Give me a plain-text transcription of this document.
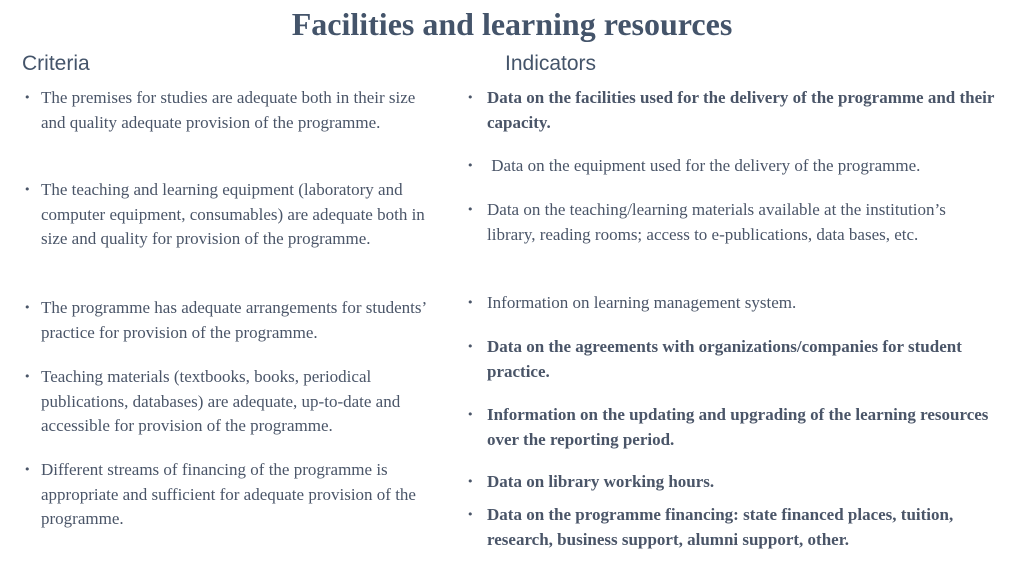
Facilities and learning resources
Criteria	Indicators
• The premises for studies are adequate both in their size and quality adequate provision of the programme.
• The teaching and learning equipment (laboratory and computer equipment, consumables) are adequate both in size and quality for provision of the programme.
• The programme has adequate arrangements for students’ practice for provision of the programme.
• Teaching materials (textbooks, books, periodical publications, databases) are adequate, up-to-date and accessible for provision of the programme.
• Different streams of financing of the programme is appropriate and sufficient for adequate provision of the programme.
• Data on the facilities used for the delivery of the programme and their capacity.
• Data on the equipment used for the delivery of the programme.
• Data on the teaching/learning materials available at the institution’s library, reading rooms; access to e-publications, data bases, etc.
• Information on learning management system.
• Data on the agreements with organizations/companies for student practice.
• Information on the updating and upgrading of the learning resources over the reporting period.
• Data on library working hours.
• Data on the programme financing: state financed places, tuition, research, business support, alumni support, other.
